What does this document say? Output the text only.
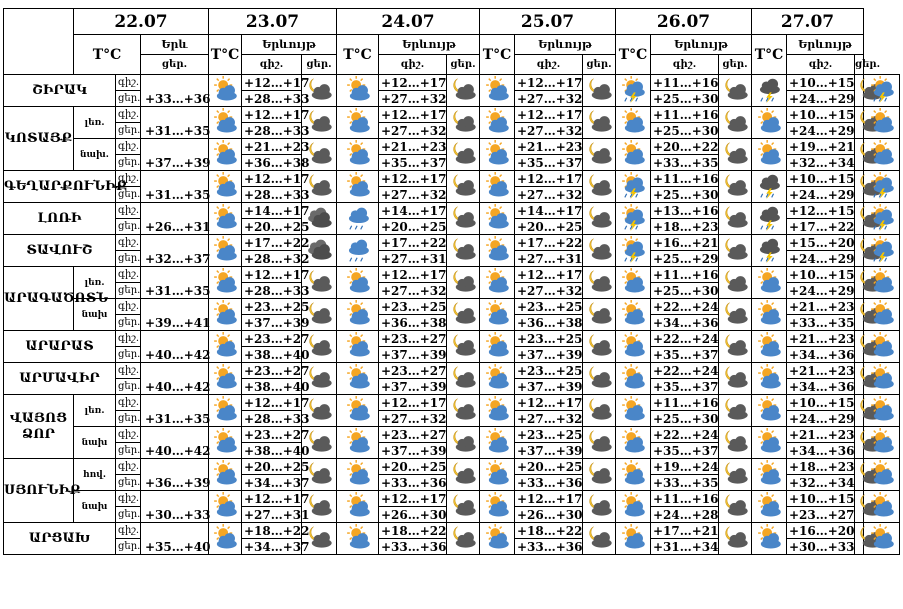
	22.07			23.07			24.07			25.07			26.07			27.07			
	T°C		Երև	T°C	Երևույթ		T°C	Երևույթ		T°C	Երևույթ		T°C	Երևույթ		T°C	Երևույթ		
			ցեր.		գիշ.	ցեր.		գիշ.	ցեր.		գիշ.	ցեր.		գիշ.	ցեր.		գիշ.	ցեր.	
ՇԻՐԱԿ		գիշ.	+33…+36		+12…+17			+12…+17			+12…+17			+11…+16			+10…+15	

		ցեր.			+28…+33			+27…+32			+27…+32			+25…+30			+24…+29		
ԿՈՏԱՅՔ	լեռ.	գիշ.	+31…+35		+12…+17			+12…+17			+12…+17			+11…+16			+10…+15	

		ցեր.			+28…+33			+27…+32			+27…+32			+25…+30			+24…+29		
	նախ.	գիշ.	+37…+39		+21…+23			+21…+23			+21…+23			+20…+22			+19…+21	

		ցեր.			+36…+38			+35…+37			+35…+37			+33…+35			+32…+34		
ԳԵՂԱՐՔՈՒՆԻՔ		գիշ.	+31…+35		+12…+17			+12…+17			+12…+17			+11…+16			+10…+15	

		ցեր.			+28…+33			+27…+32			+27…+32			+25…+30			+24…+29		
ԼՈՌԻ		գիշ.	+26…+31		+14…+17			+14…+17			+14…+17			+13…+16			+12…+15	

		ցեր.			+20…+25			+20…+25			+20…+25			+18…+23			+17…+22		
ՏԱՎՈՒՇ		գիշ.	+32…+37		+17…+22			+17…+22			+17…+22			+16…+21			+15…+20	

		ցեր.			+28…+32			+27…+31			+27…+31			+25…+29			+24…+29		
ԱՐԱԳԱԾՈՏՆ	լեռ.	գիշ.	+31…+35		+12…+17			+12…+17			+12…+17			+11…+16			+10…+15	

		ցեր.			+28…+33			+27…+32			+27…+32			+25…+30			+24…+29		
	նախ	գիշ.	+39…+41		+23…+25			+23…+25			+23…+25			+22…+24			+21…+23	

		ցեր.			+37…+39			+36…+38			+36…+38			+34…+36			+33…+35		
ԱՐԱՐԱՏ		գիշ.	+40…+42		+23…+27			+23…+27			+23…+25			+22…+24			+21…+23	

		ցեր.			+38…+40			+37…+39			+37…+39			+35…+37			+34…+36		
ԱՐՄԱՎԻՐ		գիշ.	+40…+42		+23…+27			+23…+27			+23…+25			+22…+24			+21…+23	

		ցեր.			+38…+40			+37…+39			+37…+39			+35…+37			+34…+36		
ՎԱՅՈՑ ՁՈՐ	լեռ.	գիշ.	+31…+35		+12…+17			+12…+17			+12…+17			+11…+16			+10…+15	

		ցեր.			+28…+33			+27…+32			+27…+32			+25…+30			+24…+29		
	նախ	գիշ.	+40…+42		+23…+27			+23…+27			+23…+25			+22…+24			+21…+23	

		ցեր.			+38…+40			+37…+39			+37…+39			+35…+37			+34…+36		
ՍՅՈՒՆԻՔ	հով.	գիշ.	+36…+39		+20…+25			+20…+25			+20…+25			+19…+24			+18…+23	

		ցեր.			+34…+37			+33…+36			+33…+36			+33…+35			+32…+34		
	նախ	գիշ.	+30…+33		+12…+17			+12…+17			+12…+17			+11…+16			+10…+15	

		ցեր.			+27…+31			+26…+30			+26…+30			+24…+28			+23…+27		
ԱՐՑԱԽ		գիշ.	+35…+40		+18…+22			+18…+22			+18…+22			+17…+21			+16…+20	

		ցեր.			+34…+37			+33…+36			+33…+36			+31…+34			+30…+33		
